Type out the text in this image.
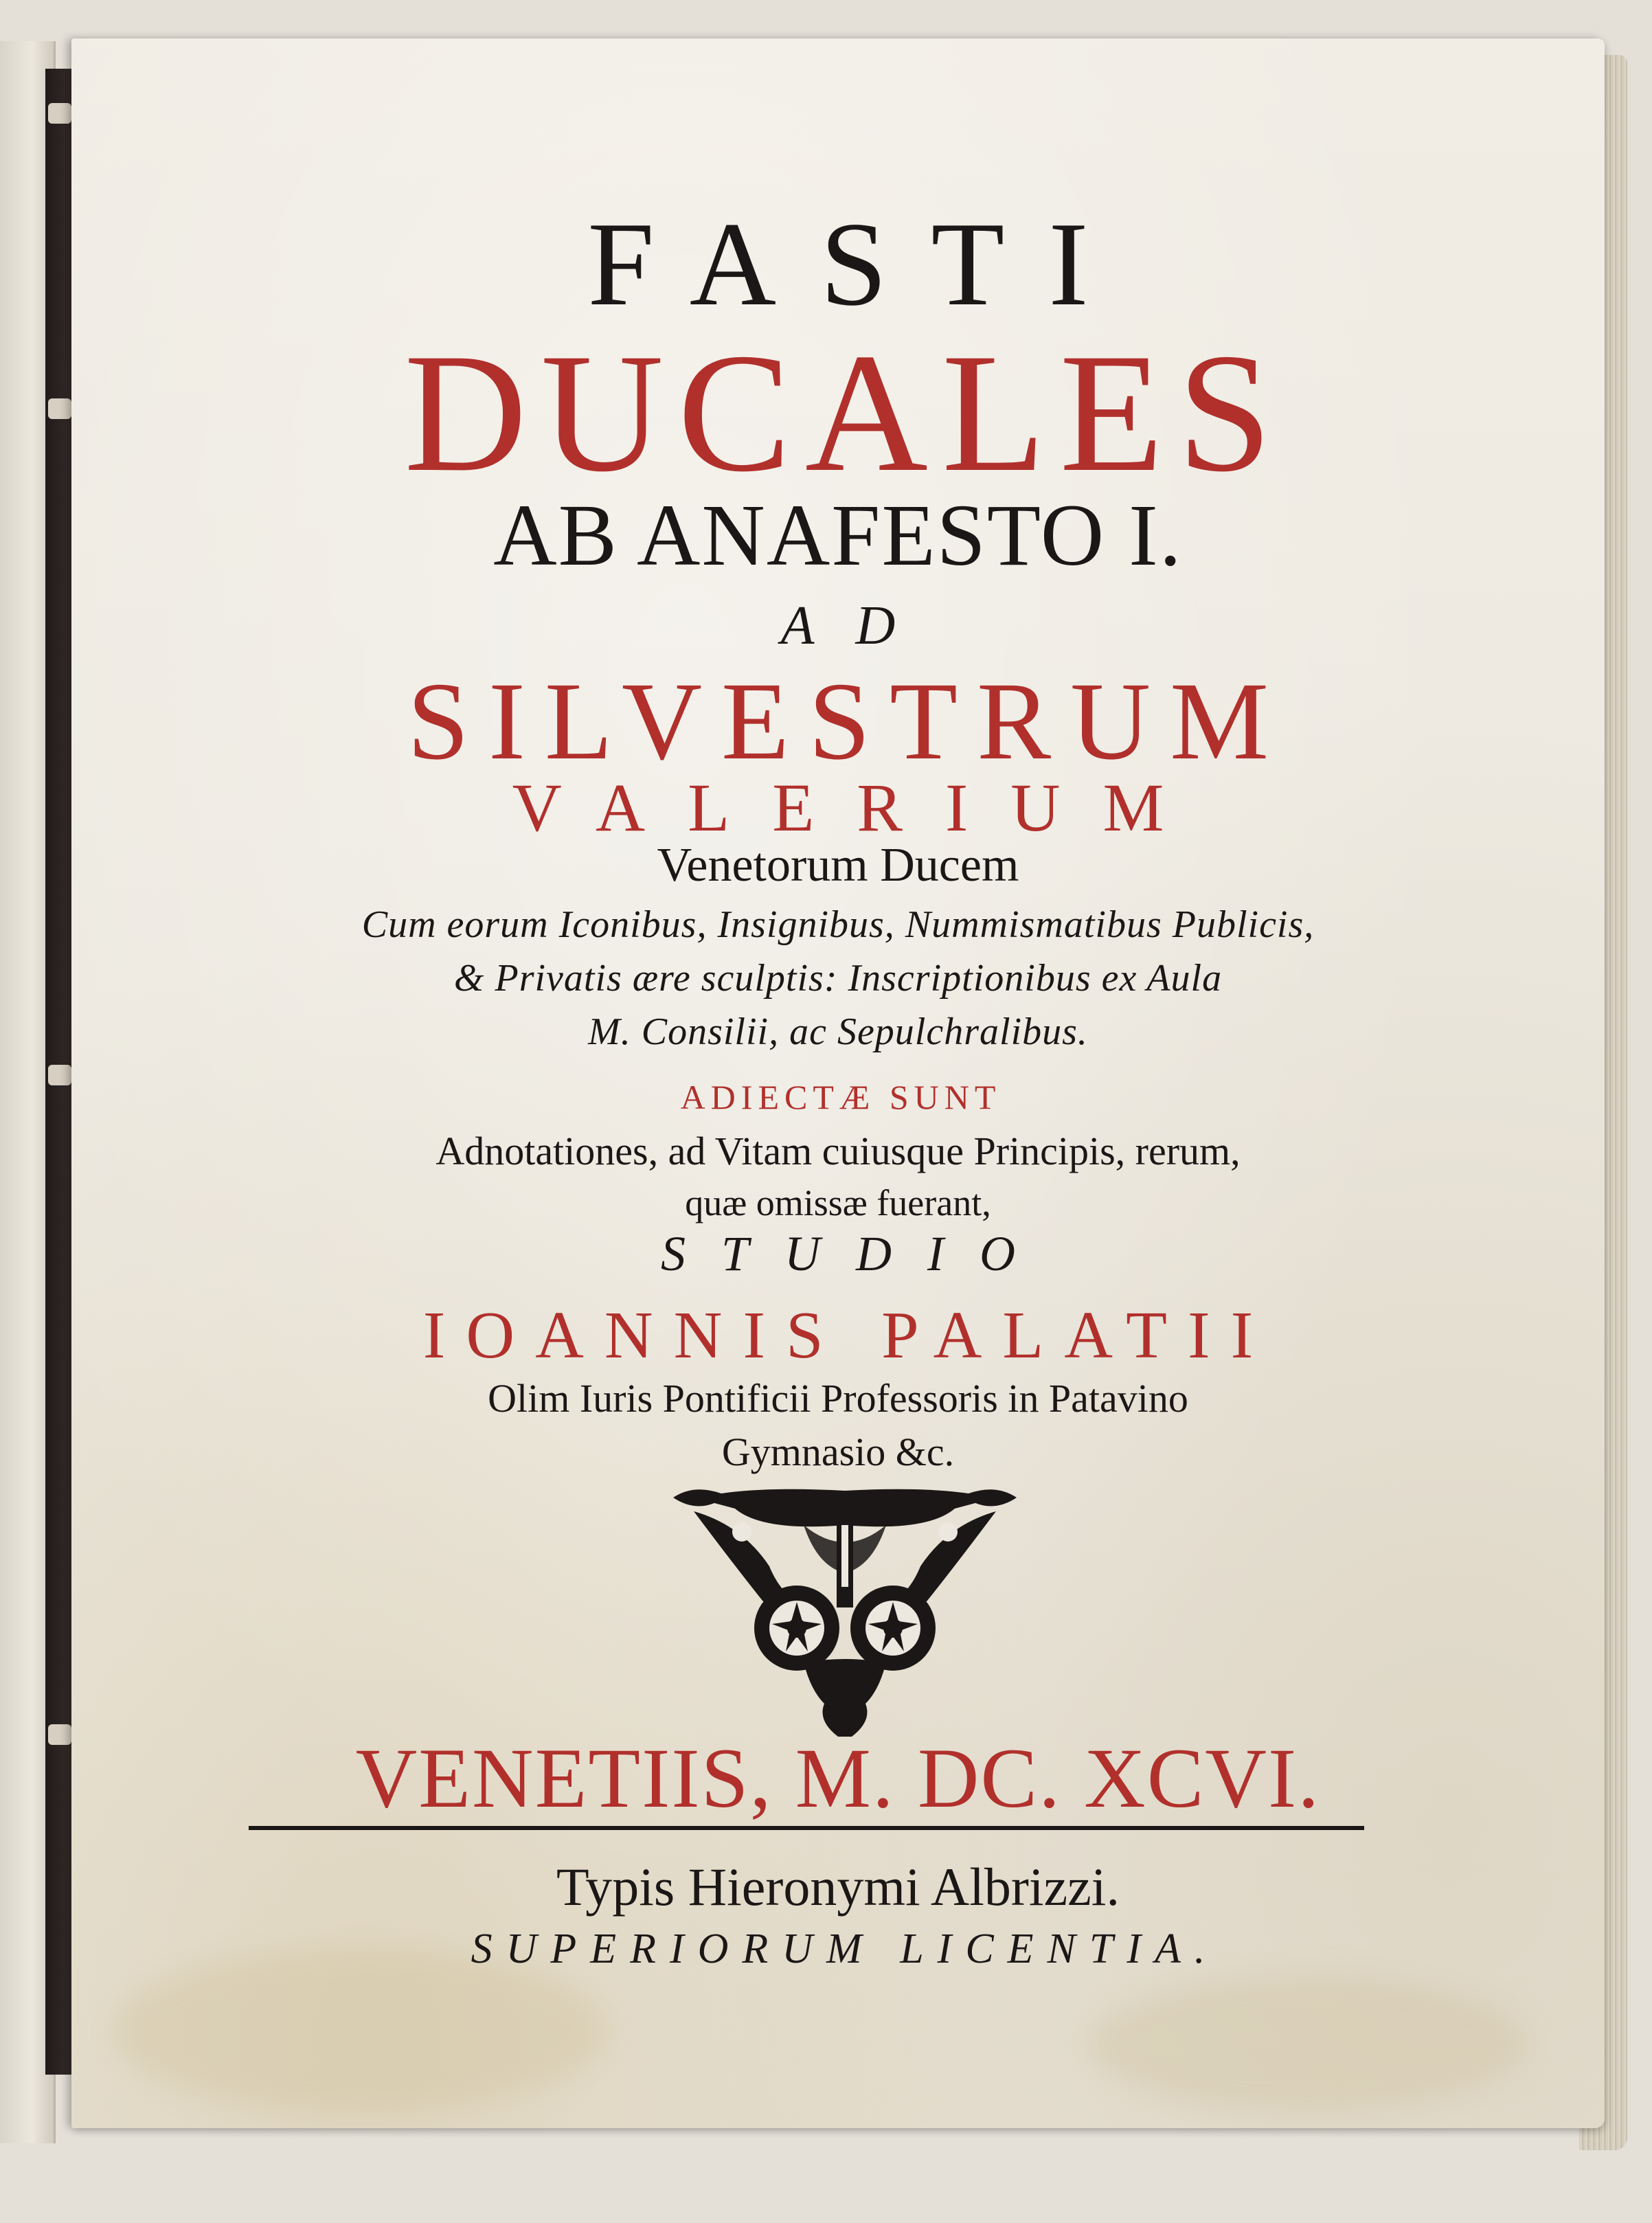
FASTI

DUCALES

AB ANAFESTO I.

AD

SILVESTRUM

VALERIUM

Venetorum Ducem

Cum eorum Iconibus, Insignibus, Nummismatibus Publicis,

& Privatis ære sculptis: Inscriptionibus ex Aula

M. Consilii, ac Sepulchralibus.

ADIECTÆ SUNT

Adnotationes, ad Vitam cuiusque Principis, rerum,

quæ omissæ fuerant,

STUDIO

IOANNIS PALATII

Olim Iuris Pontificii Professoris in Patavino

Gymnasio &c.

VENETIIS, M. DC. XCVI.

Typis Hieronymi Albrizzi.

SUPERIORUM LICENTIA.
